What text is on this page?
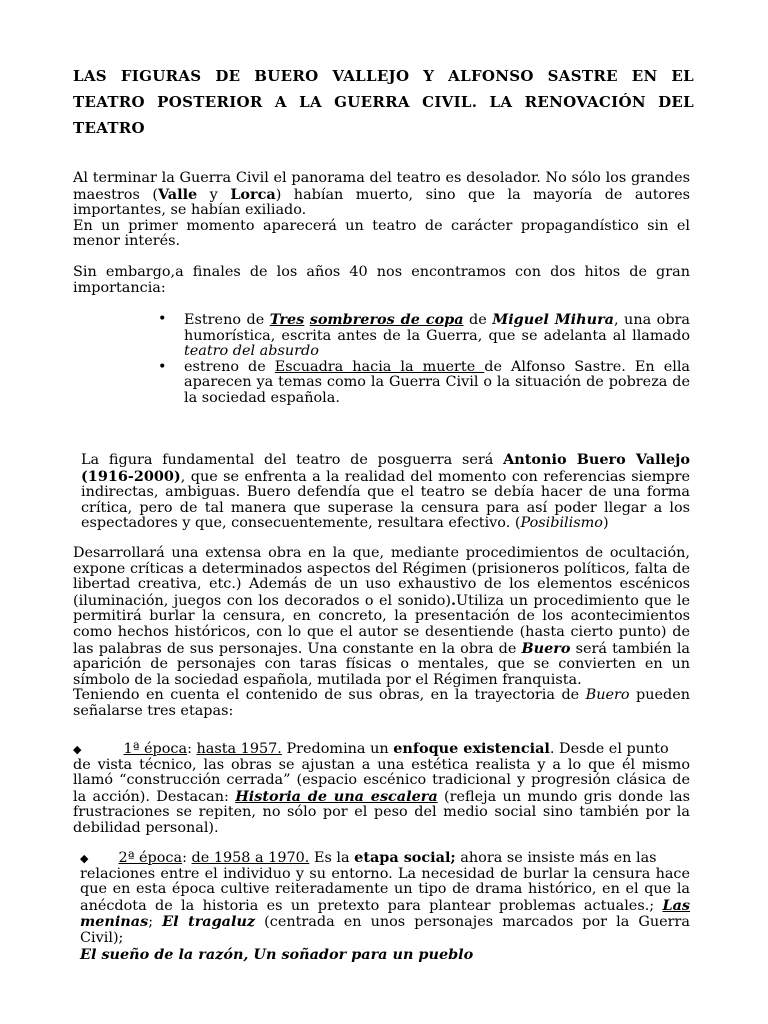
LAS FIGURAS DE BUERO VALLEJO Y ALFONSO SASTRE EN EL TEATRO POSTERIOR A LA GUERRA CIVIL. LA RENOVACIÓN DEL TEATRO
Al terminar la Guerra Civil el panorama del teatro es desolador. No sólo los grandes
maestros (Valle y Lorca) habían muerto, sino que la mayoría de autores
importantes, se habían exiliado.
En un primer momento aparecerá un teatro de carácter propagandístico sin el
menor interés.
Sin embargo,a finales de los años 40 nos encontramos con dos hitos de gran
importancia:
• Estreno de Tres sombreros de copa de Miguel Mihura, una obra
humorística, escrita antes de la Guerra, que se adelanta al llamado
teatro del absurdo
• estreno de Escuadra hacia la muerte de Alfonso Sastre. En ella
aparecen ya temas como la Guerra Civil o la situación de pobreza de
la sociedad española.
La figura fundamental del teatro de posguerra será Antonio Buero Vallejo
(1916-2000), que se enfrenta a la realidad del momento con referencias siempre
indirectas, ambiguas. Buero defendía que el teatro se debía hacer de una forma
crítica, pero de tal manera que superase la censura para así poder llegar a los
espectadores y que, consecuentemente, resultara efectivo. (Posibilismo)
Desarrollará una extensa obra en la que, mediante procedimientos de ocultación,
expone críticas a determinados aspectos del Régimen (prisioneros políticos, falta de
libertad creativa, etc.) Además de un uso exhaustivo de los elementos escénicos
(iluminación, juegos con los decorados o el sonido).Utiliza un procedimiento que le
permitirá burlar la censura, en concreto, la presentación de los acontecimientos
como hechos históricos, con lo que el autor se desentiende (hasta cierto punto) de
las palabras de sus personajes. Una constante en la obra de Buero será también la
aparición de personajes con taras físicas o mentales, que se convierten en un
símbolo de la sociedad española, mutilada por el Régimen franquista.
Teniendo en cuenta el contenido de sus obras, en la trayectoria de Buero pueden
señalarse tres etapas:
◆	1ª época: hasta 1957. Predomina un enfoque existencial. Desde el punto
de vista técnico, las obras se ajustan a una estética realista y a lo que él mismo
llamó “construcción cerrada” (espacio escénico tradicional y progresión clásica de
la acción). Destacan: Historia de una escalera (refleja un mundo gris donde las
frustraciones se repiten, no sólo por el peso del medio social sino también por la
debilidad personal).
◆ 2ª época: de 1958 a 1970. Es la etapa social; ahora se insiste más en las
relaciones entre el individuo y su entorno. La necesidad de burlar la censura hace
que en esta época cultive reiteradamente un tipo de drama histórico, en el que la
anécdota de la historia es un pretexto para plantear problemas actuales.; Las
meninas; El tragaluz (centrada en unos personajes marcados por la Guerra Civil);
El sueño de la razón, Un soñador para un pueblo
